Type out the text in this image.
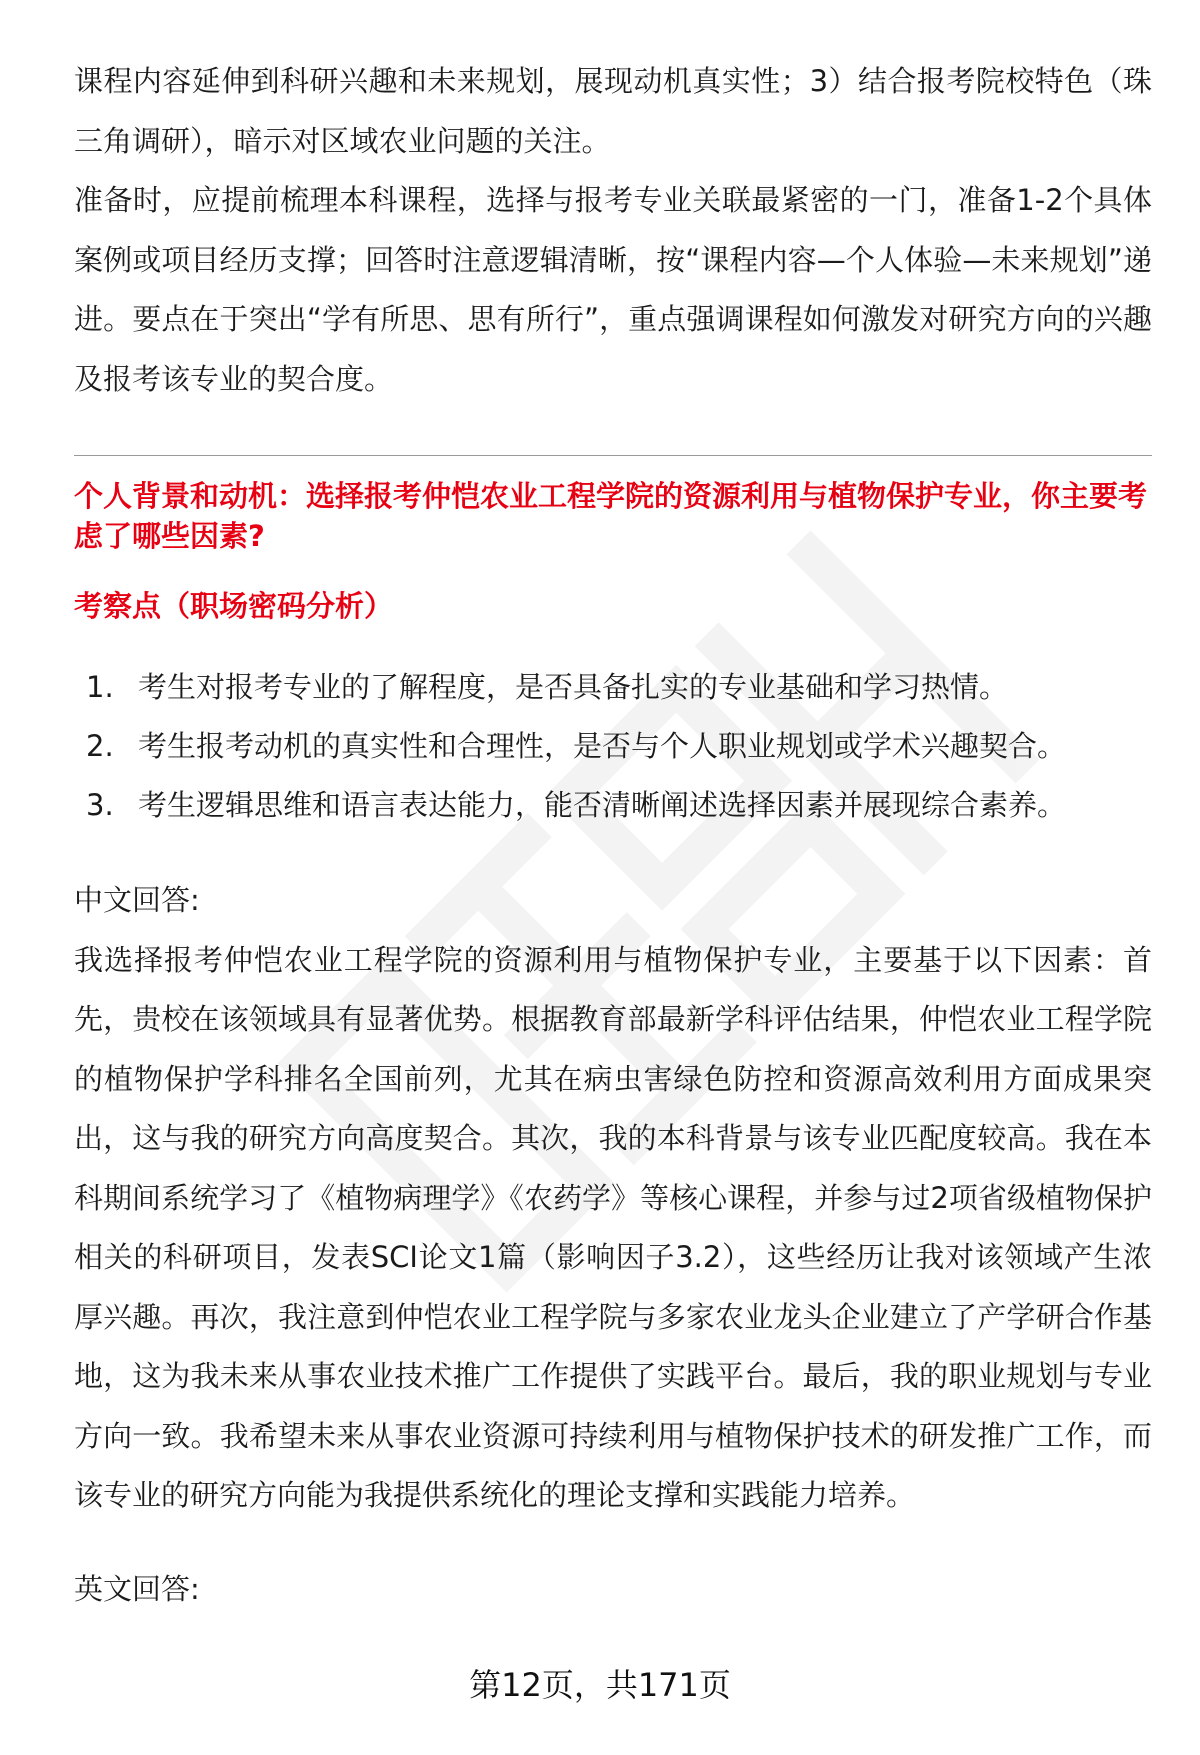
课程内容延伸到科研兴趣和未来规划，展现动机真实性；3）结合报考院校特色（珠三角调研），暗示对区域农业问题的关注。

准备时，应提前梳理本科课程，选择与报考专业关联最紧密的一门，准备1-2个具体案例或项目经历支撑；回答时注意逻辑清晰，按“课程内容—个人体验—未来规划”递进。要点在于突出“学有所思、思有所行”，重点强调课程如何激发对研究方向的兴趣及报考该专业的契合度。

个人背景和动机：选择报考仲恺农业工程学院的资源利用与植物保护专业，你主要考虑了哪些因素?

考察点（职场密码分析）

1. 考生对报考专业的了解程度，是否具备扎实的专业基础和学习热情。
2. 考生报考动机的真实性和合理性，是否与个人职业规划或学术兴趣契合。
3. 考生逻辑思维和语言表达能力，能否清晰阐述选择因素并展现综合素养。

中文回答:

我选择报考仲恺农业工程学院的资源利用与植物保护专业，主要基于以下因素：首先，贵校在该领域具有显著优势。根据教育部最新学科评估结果，仲恺农业工程学院的植物保护学科排名全国前列，尤其在病虫害绿色防控和资源高效利用方面成果突出，这与我的研究方向高度契合。其次，我的本科背景与该专业匹配度较高。我在本科期间系统学习了《植物病理学》《农药学》等核心课程，并参与过2项省级植物保护相关的科研项目，发表SCI论文1篇（影响因子3.2），这些经历让我对该领域产生浓厚兴趣。再次，我注意到仲恺农业工程学院与多家农业龙头企业建立了产学研合作基地，这为我未来从事农业技术推广工作提供了实践平台。最后，我的职业规划与专业方向一致。我希望未来从事农业资源可持续利用与植物保护技术的研发推广工作，而该专业的研究方向能为我提供系统化的理论支撑和实践能力培养。

英文回答:

第12页，共171页
